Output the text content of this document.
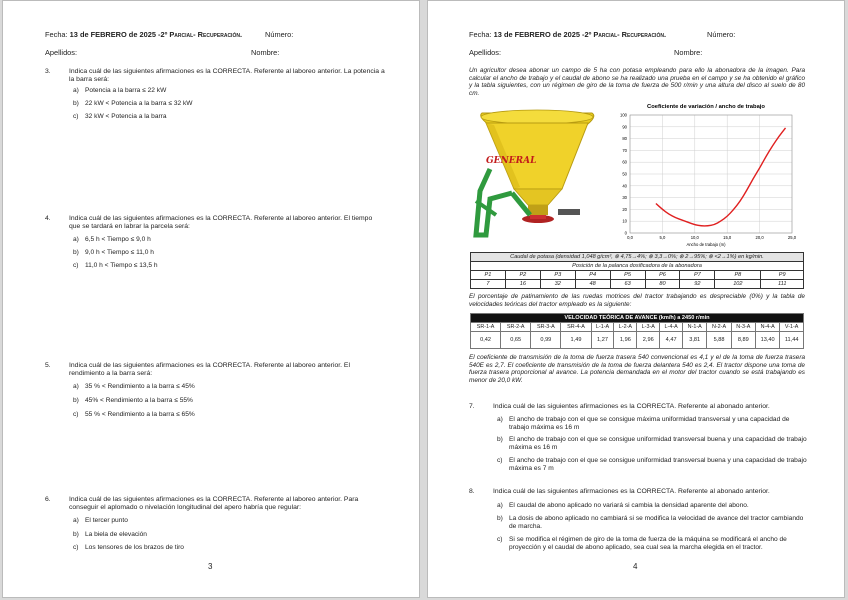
Fecha: 13 de FEBRERO de 2025 -2º Parcial- Recuperación.	Número:
Apellidos:	Nombre:
3.	Indica cuál de las siguientes afirmaciones es la CORRECTA. Referente al laboreo anterior. La potencia a la barra será:
a) Potencia a la barra ≤ 22 kW
b) 22 kW < Potencia a la barra ≤ 32 kW
c) 32 kW < Potencia a la barra
4.	Indica cuál de las siguientes afirmaciones es la CORRECTA. Referente al laboreo anterior. El tiempo que se tardará en labrar la parcela será:
a) 6,5 h < Tiempo ≤ 9,0 h
b) 9,0 h < Tiempo ≤ 11,0 h
c) 11,0 h < Tiempo ≤ 13,5 h
5.	Indica cuál de las siguientes afirmaciones es la CORRECTA. Referente al laboreo anterior. El rendimiento a la barra será:
a) 35 % < Rendimiento a la barra ≤ 45%
b) 45% < Rendimiento a la barra ≤ 55%
c) 55 % < Rendimiento a la barra ≤ 65%
6.	Indica cuál de las siguientes afirmaciones es la CORRECTA. Referente al laboreo anterior. Para conseguir el aplomado o nivelación longitudinal del apero habría que regular:
a) El tercer punto
b) La biela de elevación
c) Los tensores de los brazos de tiro
3
Fecha: 13 de FEBRERO de 2025 -2º Parcial- Recuperación.	Número:
Apellidos:	Nombre:
Un agricultor desea abonar un campo de 5 ha con potasa empleando para ello la abonadora de la imagen. Para calcular el ancho de trabajo y el caudal de abono se ha realizado una prueba en el campo y se ha obtenido el gráfico y la tabla siguientes, con un régimen de giro de la toma de fuerza de 500 r/min y una altura del disco al suelo de 80 cm.
GENERAL
Coeficiente de variación / ancho de trabajo
0
10
20
30
40
50
60
70
80
90
100
0,0	5,0	10,0	15,0	20,0	25,0
Ancho de trabajo (m)
Caudal de potasa (densidad 1,048 g/cm³, ⊗ 4,75→4%; ⊗ 3,3→0%; ⊗ 2→95%; ⊗ <2→1%) en kg/min.								
Posición de la palanca dosificadora de la abonadora								
P1	P2	P3	P4	P5	P6	P7	P8	P9
7	16	32	48	63	80	92	102	111
El porcentaje de patinamiento de las ruedas motrices del tractor trabajando es despreciable (0%) y la tabla de velocidades teóricas del tractor empleado es la siguiente:
VELOCIDAD TEÓRICA DE AVANCE (km/h) a 2450 r/min												
SR-1-A	SR-2-A	SR-3-A	SR-4-A	L-1-A	L-2-A	L-3-A	L-4-A	N-1-A	N-2-A	N-3-A	N-4-A	V-1-A
0,42	0,65	0,99	1,49	1,27	1,96	2,96	4,47	3,81	5,88	8,89	13,40	11,44
El coeficiente de transmisión de la toma de fuerza trasera 540 convencional es 4,1 y el de la toma de fuerza trasera 540E es 2,7. El coeficiente de transmisión de la toma de fuerza delantera 540 es 2,4. El tractor dispone una toma de fuerza trasera proporcional al avance. La potencia demandada en el motor del tractor cuando se está trabajando es menor de 20,0 kW.
7.	Indica cuál de las siguientes afirmaciones es la CORRECTA. Referente al abonado anterior.
a) El ancho de trabajo con el que se consigue máxima uniformidad transversal y una capacidad de trabajo máxima es 16 m
b) El ancho de trabajo con el que se consigue uniformidad transversal buena y una capacidad de trabajo máxima es 16 m
c) El ancho de trabajo con el que se consigue uniformidad transversal buena y una capacidad de trabajo máxima es 7 m
8.	Indica cuál de las siguientes afirmaciones es la CORRECTA. Referente al abonado anterior.
a) El caudal de abono aplicado no variará si cambia la densidad aparente del abono.
b) La dosis de abono aplicado no cambiará si se modifica la velocidad de avance del tractor cambiando de marcha.
c) Si se modifica el régimen de giro de la toma de fuerza de la máquina se modificará el ancho de proyección y el caudal de abono aplicado, sea cual sea la marcha elegida en el tractor.
4
